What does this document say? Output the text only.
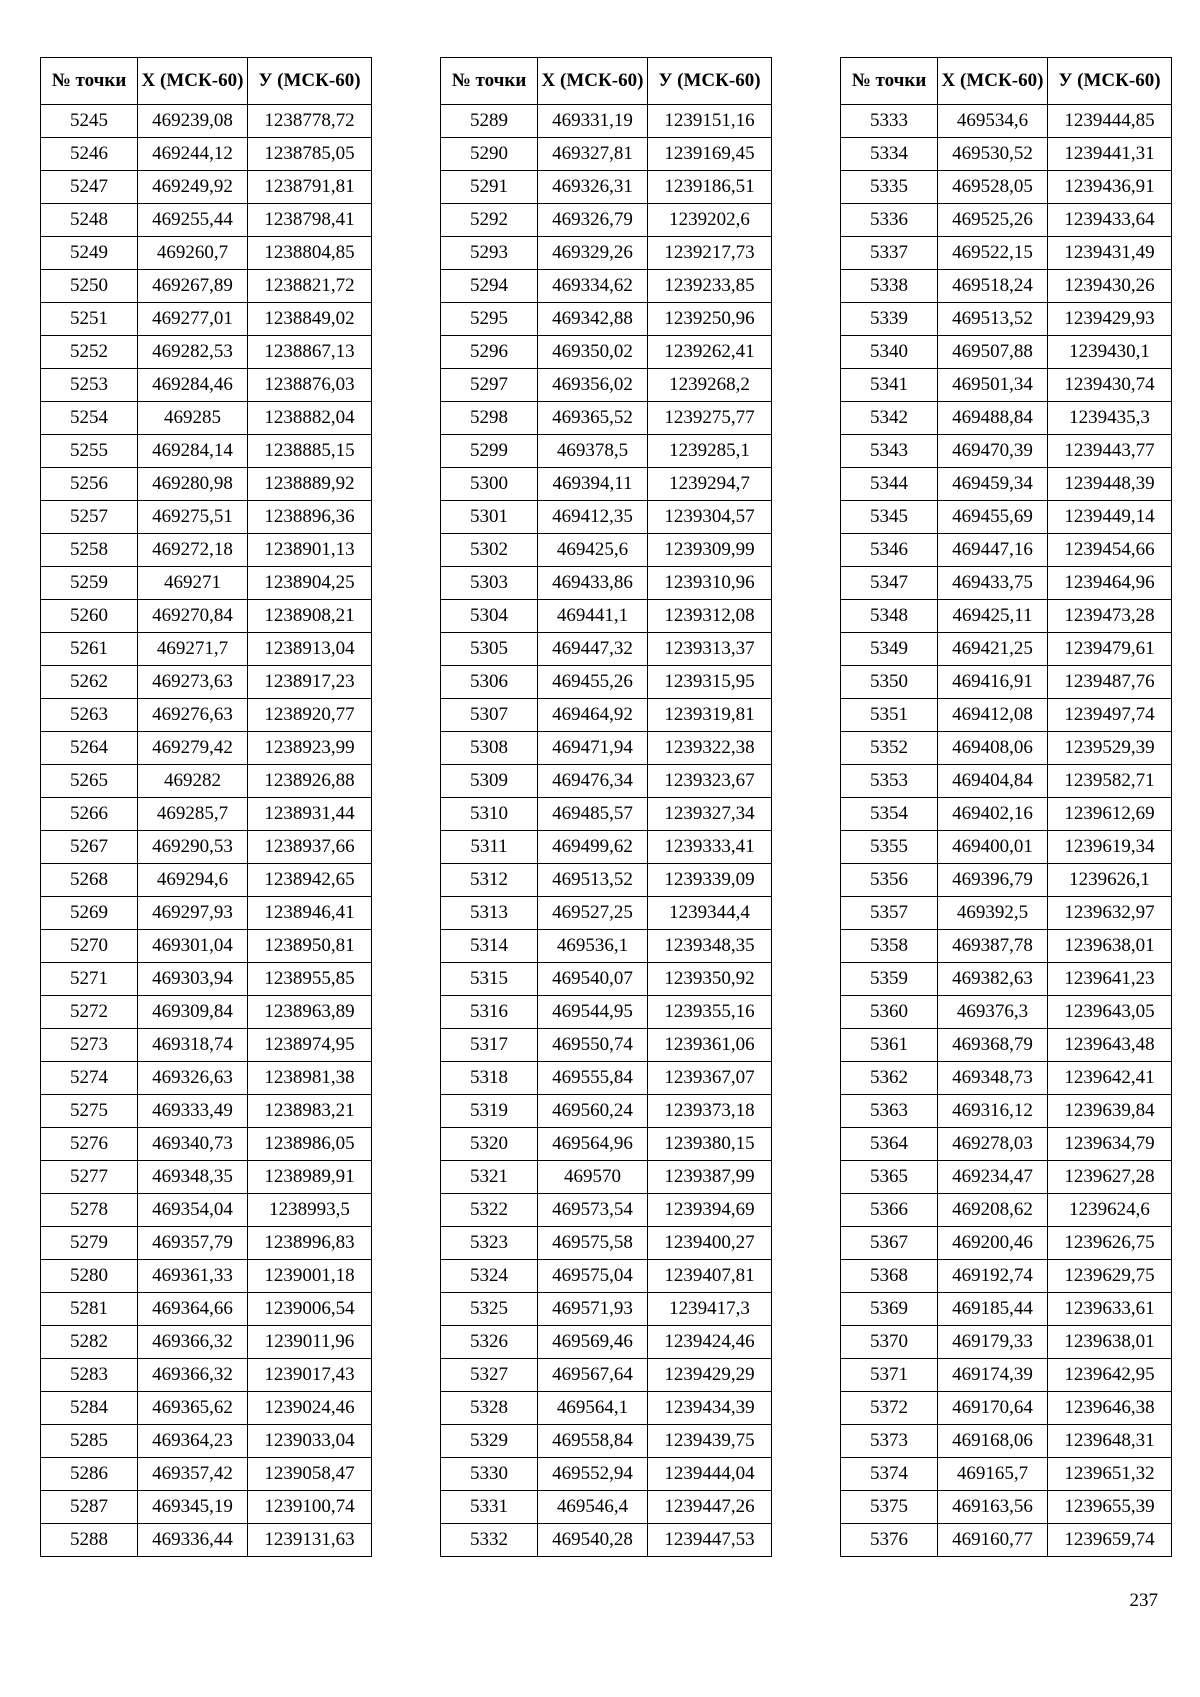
№ точки	Х (МСК-60)	У (МСК-60)
5245	469239,08	1238778,72
5246	469244,12	1238785,05
5247	469249,92	1238791,81
5248	469255,44	1238798,41
5249	469260,7	1238804,85
5250	469267,89	1238821,72
5251	469277,01	1238849,02
5252	469282,53	1238867,13
5253	469284,46	1238876,03
5254	469285	1238882,04
5255	469284,14	1238885,15
5256	469280,98	1238889,92
5257	469275,51	1238896,36
5258	469272,18	1238901,13
5259	469271	1238904,25
5260	469270,84	1238908,21
5261	469271,7	1238913,04
5262	469273,63	1238917,23
5263	469276,63	1238920,77
5264	469279,42	1238923,99
5265	469282	1238926,88
5266	469285,7	1238931,44
5267	469290,53	1238937,66
5268	469294,6	1238942,65
5269	469297,93	1238946,41
5270	469301,04	1238950,81
5271	469303,94	1238955,85
5272	469309,84	1238963,89
5273	469318,74	1238974,95
5274	469326,63	1238981,38
5275	469333,49	1238983,21
5276	469340,73	1238986,05
5277	469348,35	1238989,91
5278	469354,04	1238993,5
5279	469357,79	1238996,83
5280	469361,33	1239001,18
5281	469364,66	1239006,54
5282	469366,32	1239011,96
5283	469366,32	1239017,43
5284	469365,62	1239024,46
5285	469364,23	1239033,04
5286	469357,42	1239058,47
5287	469345,19	1239100,74
5288	469336,44	1239131,63
№ точки	Х (МСК-60)	У (МСК-60)
5289	469331,19	1239151,16
5290	469327,81	1239169,45
5291	469326,31	1239186,51
5292	469326,79	1239202,6
5293	469329,26	1239217,73
5294	469334,62	1239233,85
5295	469342,88	1239250,96
5296	469350,02	1239262,41
5297	469356,02	1239268,2
5298	469365,52	1239275,77
5299	469378,5	1239285,1
5300	469394,11	1239294,7
5301	469412,35	1239304,57
5302	469425,6	1239309,99
5303	469433,86	1239310,96
5304	469441,1	1239312,08
5305	469447,32	1239313,37
5306	469455,26	1239315,95
5307	469464,92	1239319,81
5308	469471,94	1239322,38
5309	469476,34	1239323,67
5310	469485,57	1239327,34
5311	469499,62	1239333,41
5312	469513,52	1239339,09
5313	469527,25	1239344,4
5314	469536,1	1239348,35
5315	469540,07	1239350,92
5316	469544,95	1239355,16
5317	469550,74	1239361,06
5318	469555,84	1239367,07
5319	469560,24	1239373,18
5320	469564,96	1239380,15
5321	469570	1239387,99
5322	469573,54	1239394,69
5323	469575,58	1239400,27
5324	469575,04	1239407,81
5325	469571,93	1239417,3
5326	469569,46	1239424,46
5327	469567,64	1239429,29
5328	469564,1	1239434,39
5329	469558,84	1239439,75
5330	469552,94	1239444,04
5331	469546,4	1239447,26
5332	469540,28	1239447,53
№ точки	Х (МСК-60)	У (МСК-60)
5333	469534,6	1239444,85
5334	469530,52	1239441,31
5335	469528,05	1239436,91
5336	469525,26	1239433,64
5337	469522,15	1239431,49
5338	469518,24	1239430,26
5339	469513,52	1239429,93
5340	469507,88	1239430,1
5341	469501,34	1239430,74
5342	469488,84	1239435,3
5343	469470,39	1239443,77
5344	469459,34	1239448,39
5345	469455,69	1239449,14
5346	469447,16	1239454,66
5347	469433,75	1239464,96
5348	469425,11	1239473,28
5349	469421,25	1239479,61
5350	469416,91	1239487,76
5351	469412,08	1239497,74
5352	469408,06	1239529,39
5353	469404,84	1239582,71
5354	469402,16	1239612,69
5355	469400,01	1239619,34
5356	469396,79	1239626,1
5357	469392,5	1239632,97
5358	469387,78	1239638,01
5359	469382,63	1239641,23
5360	469376,3	1239643,05
5361	469368,79	1239643,48
5362	469348,73	1239642,41
5363	469316,12	1239639,84
5364	469278,03	1239634,79
5365	469234,47	1239627,28
5366	469208,62	1239624,6
5367	469200,46	1239626,75
5368	469192,74	1239629,75
5369	469185,44	1239633,61
5370	469179,33	1239638,01
5371	469174,39	1239642,95
5372	469170,64	1239646,38
5373	469168,06	1239648,31
5374	469165,7	1239651,32
5375	469163,56	1239655,39
5376	469160,77	1239659,74
237
